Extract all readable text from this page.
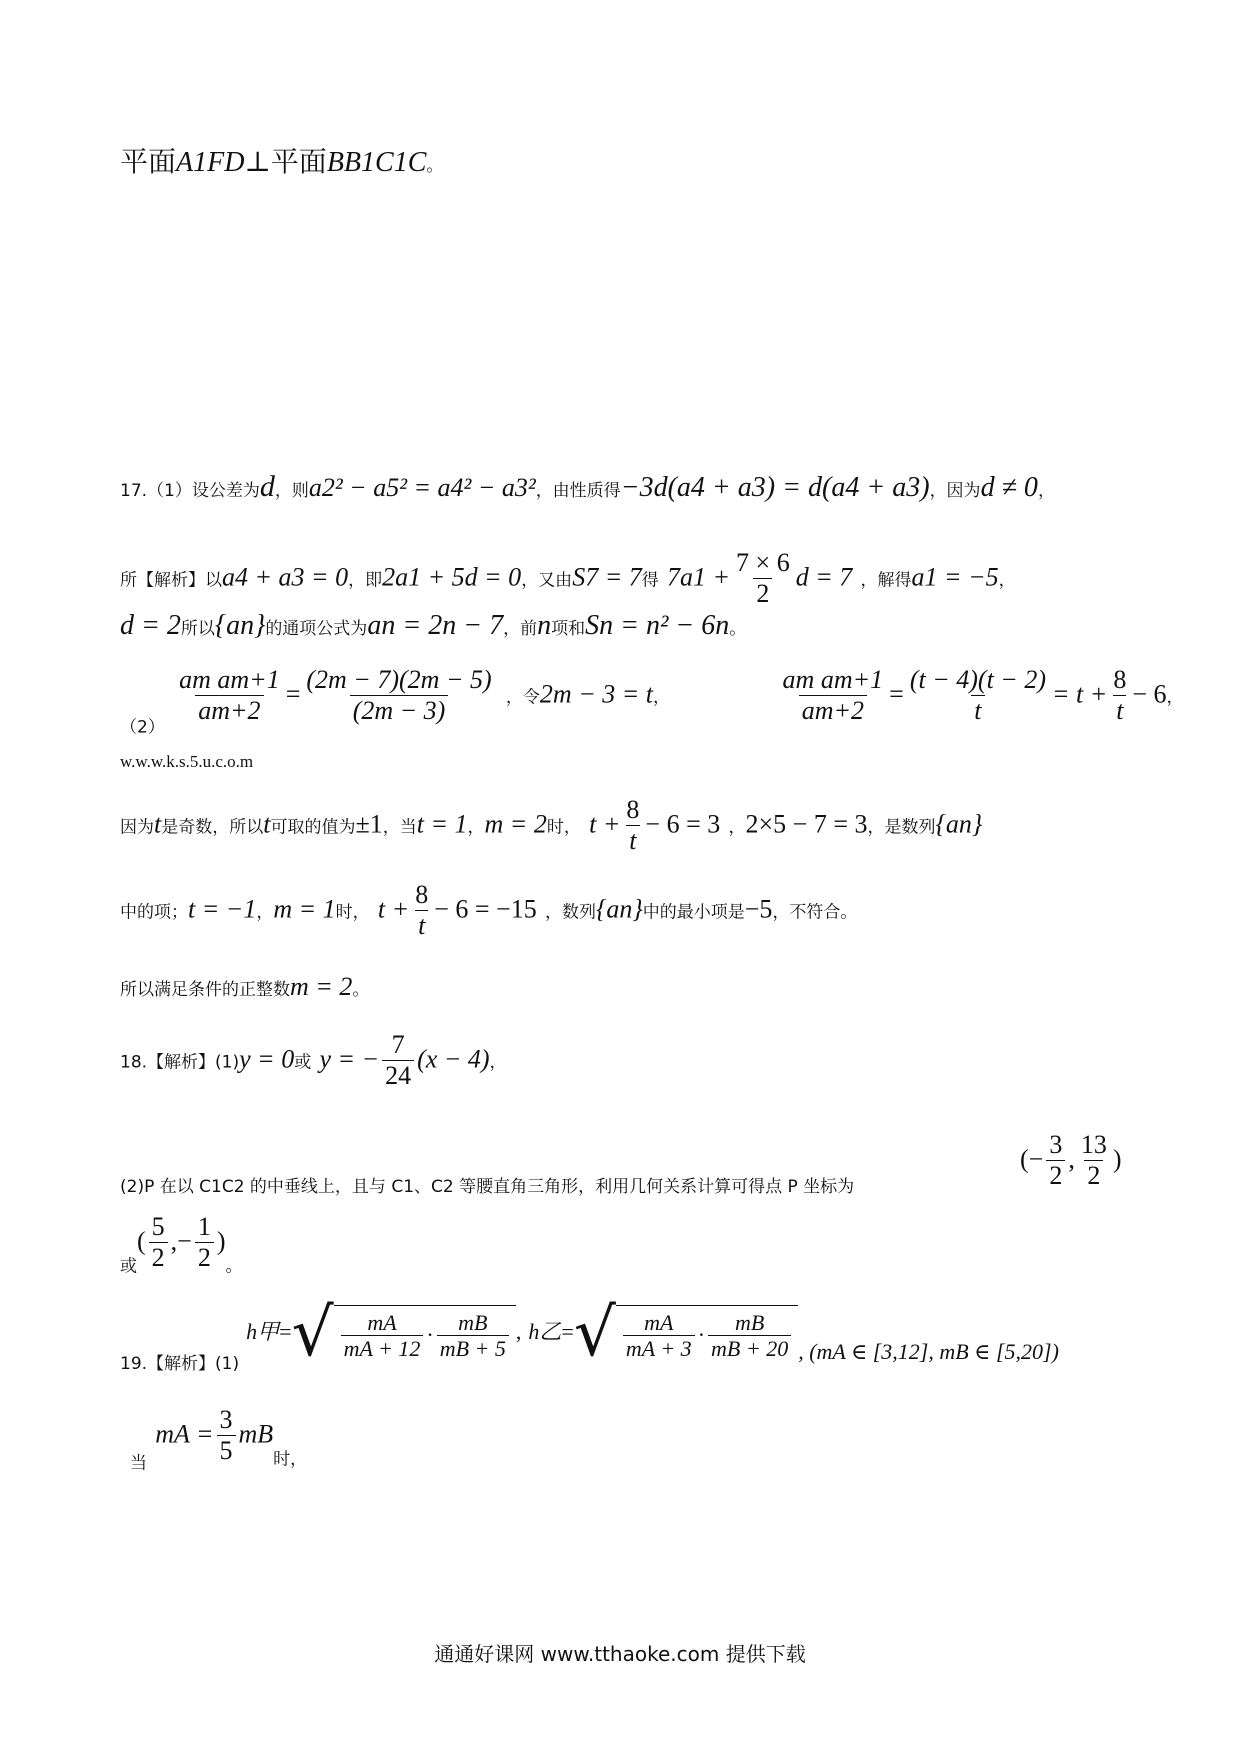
平面A1FD⊥平面BB1C1C。
17.（1）设公差为d，则a2² − a5² = a4² − a3²，由性质得−3d(a4 + a3) = d(a4 + a3)，因为d ≠ 0，
所【解析】以a4 + a3 = 0，即2a1 + 5d = 0，又由S7 = 7得 $7a1 + \frac{7 \times 6}{2}$ d = 7 ，解得a1 = −5，
d = 2所以{an}的通项公式为an = 2n − 7，前n项和Sn = n² − 6n。
$_{(2)}$
$\frac{\text{am am+1}}{am+2} = \frac{(2m - 7)(2m - 5)}{(2m - 3)}$ ，令2m − 3 = t，	$\frac{\text{am am+1}}{am+2} = \frac{(t - 4)(t - 2)}{t} = t + \frac{8}{t} - 6$，
w.w.w.k.s.5.u.c.o.m
因为t是奇数，所以t可取的值为±1，当t = 1，m = 2时， $t + \frac{8}{t} - 6 = 3$ ，2×5 − 7 = 3，是数列{an}
中的项；t = −1，m = 1时， $t + \frac{8}{t} - 6 = -15$ ，数列{an}中的最小项是−5，不符合。
所以满足条件的正整数m = 2。
18.【解析】(1)y = 0或 y = − $\frac{7}{24} (x - 4)$，
(2)P 在以 C1C2 的中垂线上，且与 C1、C2 等腰直角三角形，利用几何关系计算可得点 P 坐标为
(− $\frac{3}{2}$ , $\frac{13}{2}$ )
$_或( \frac{5}{2}$ ,− $\frac{1}{2} )_。$
$_{19.【解析】(1)}$ h甲=√ $\frac{mA}{mA + 12} \cdot \frac{mB}{mB + 5}$ , h乙=√ $\frac{mA}{mA + 3} \cdot \frac{mB}{mB + 20}$ , (mA ∈ [3,12], mB ∈ [5,20])
$_当$ mA = $\frac{3}{5} mB_{时,}$
通通好课网 www.tthaoke.com 提供下载
